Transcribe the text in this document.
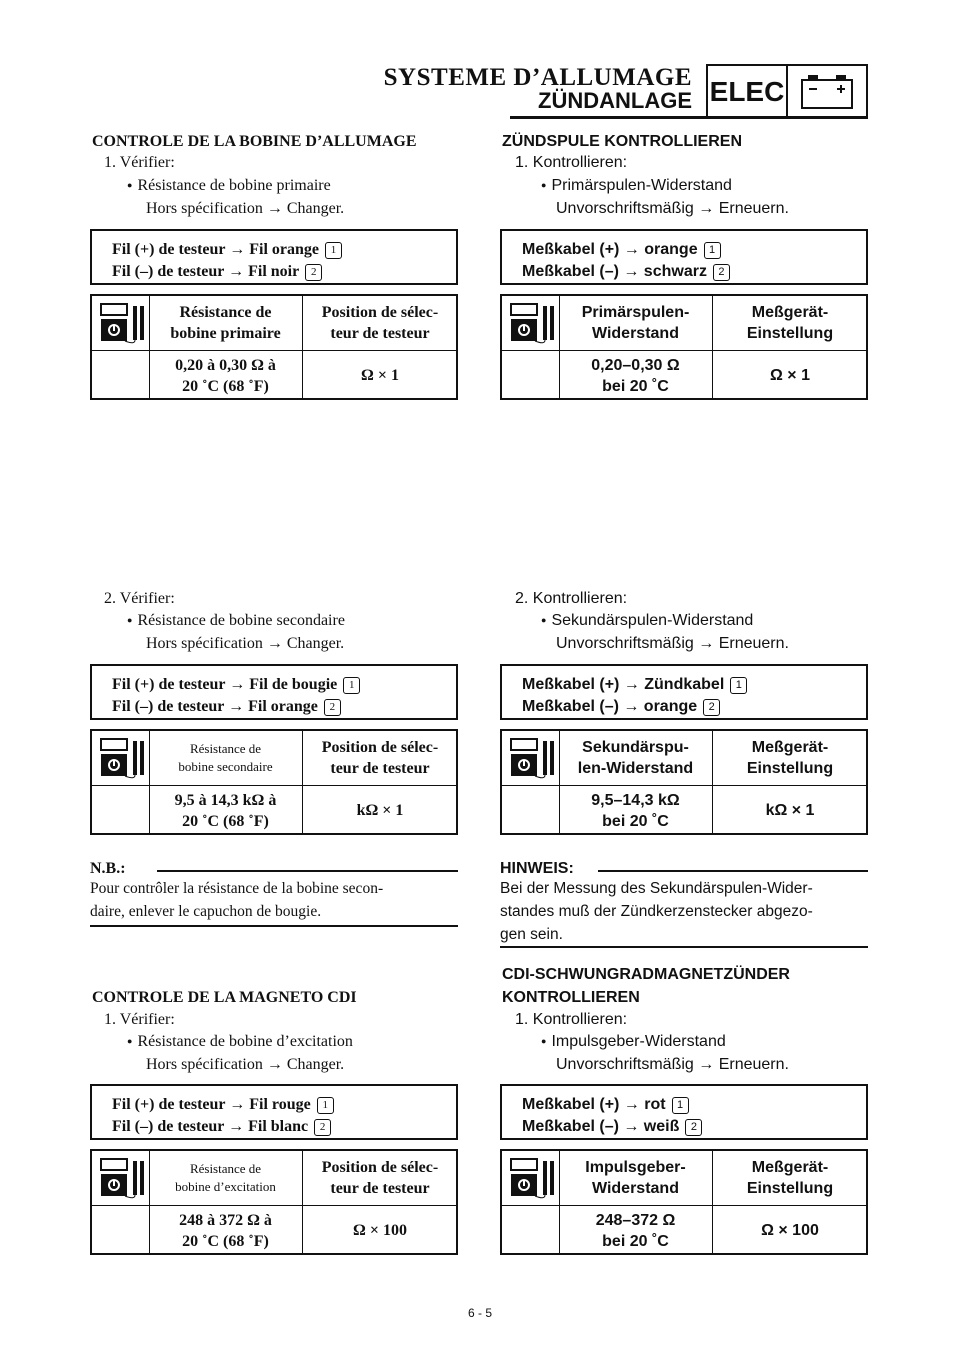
SYSTEME D’ALLUMAGE
ZÜNDANLAGE ELEC
CONTROLE DE LA BOBINE D’ALLUMAGE
1. Vérifier:
● Résistance de bobine primaire
Hors spécification → Changer.
Fil (+) de testeur → Fil orange 1
Fil (–) de testeur → Fil noir 2
Résistance de
bobine primaire
Position de sélec-
teur de testeur
0,20 à 0,30 Ω à
20 ˚C (68 ˚F)
Ω × 1
2. Vérifier:
● Résistance de bobine secondaire
Hors spécification → Changer.
Fil (+) de testeur → Fil de bougie 1
Fil (–) de testeur → Fil orange 2
Résistance de
bobine secondaire
Position de sélec-
teur de testeur
9,5 à 14,3 kΩ à
20 ˚C (68 ˚F)
kΩ × 1
N.B.:
Pour contrôler la résistance de la bobine secon-
daire, enlever le capuchon de bougie.
CONTROLE DE LA MAGNETO CDI
1. Vérifier:
● Résistance de bobine d’excitation
Hors spécification → Changer.
Fil (+) de testeur → Fil rouge 1
Fil (–) de testeur → Fil blanc 2
Résistance de
bobine d’excitation
Position de sélec-
teur de testeur
248 à 372 Ω à
20 ˚C (68 ˚F)
Ω × 100
ZÜNDSPULE KONTROLLIEREN
1. Kontrollieren:
● Primärspulen-Widerstand
Unvorschriftsmäßig → Erneuern.
Meßkabel (+) → orange 1
Meßkabel (–) → schwarz 2
Primärspulen-
Widerstand
Meßgerät-
Einstellung
0,20–0,30 Ω
bei 20 ˚C
Ω × 1
2. Kontrollieren:
● Sekundärspulen-Widerstand
Unvorschriftsmäßig → Erneuern.
Meßkabel (+) → Zündkabel 1
Meßkabel (–) → orange 2
Sekundärspu-
len-Widerstand
Meßgerät-
Einstellung
9,5–14,3 kΩ
bei 20 ˚C
kΩ × 1
HINWEIS:
Bei der Messung des Sekundärspulen-Wider-
standes muß der Zündkerzenstecker abgezo-
gen sein.
CDI-SCHWUNGRADMAGNETZÜNDER
KONTROLLIEREN
1. Kontrollieren:
● Impulsgeber-Widerstand
Unvorschriftsmäßig → Erneuern.
Meßkabel (+) → rot 1
Meßkabel (–) → weiß 2
Impulsgeber-
Widerstand
Meßgerät-
Einstellung
248–372 Ω
bei 20 ˚C
Ω × 100
6 - 5
